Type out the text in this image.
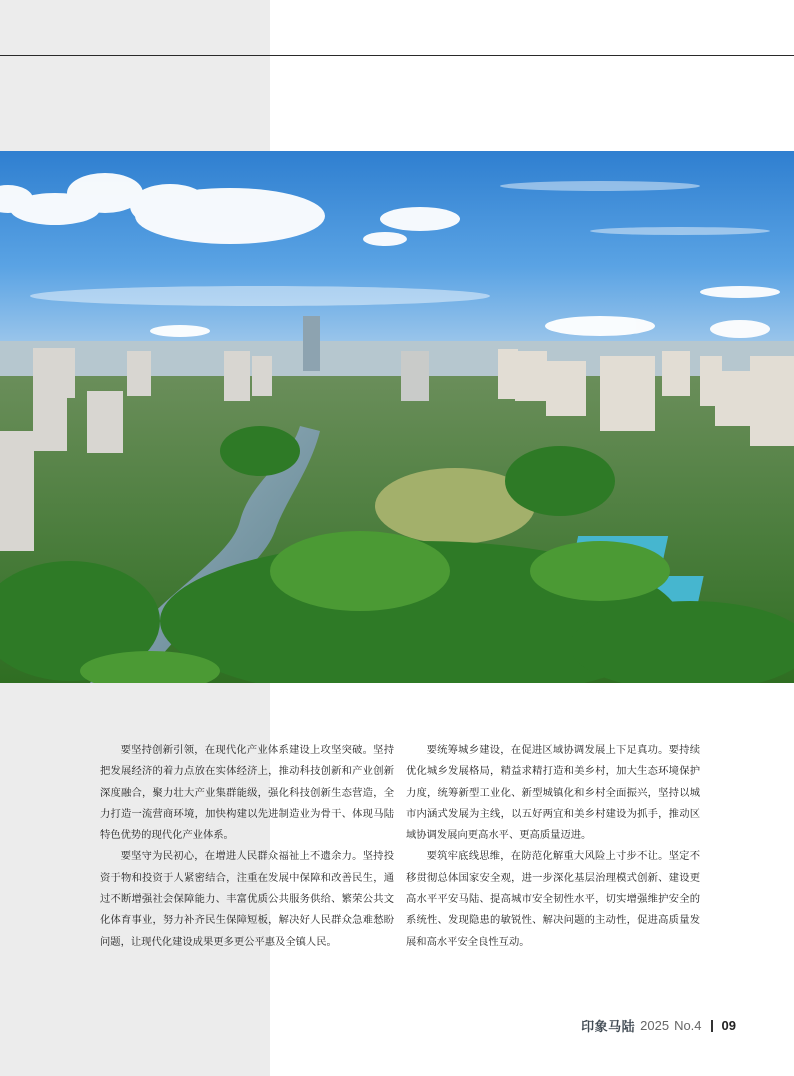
要坚持创新引领，在现代化产业体系建设上攻坚突破。坚持把发展经济的着力点放在实体经济上，推动科技创新和产业创新深度融合，聚力壮大产业集群能级，强化科技创新生态营造，全力打造一流营商环境，加快构建以先进制造业为骨干、体现马陆特色优势的现代化产业体系。

要坚守为民初心，在增进人民群众福祉上不遗余力。坚持投资于物和投资于人紧密结合，注重在发展中保障和改善民生，通过不断增强社会保障能力、丰富优质公共服务供给、繁荣公共文化体育事业，努力补齐民生保障短板，解决好人民群众急难愁盼问题，让现代化建设成果更多更公平惠及全镇人民。

要统筹城乡建设，在促进区域协调发展上下足真功。要持续优化城乡发展格局，精益求精打造和美乡村，加大生态环境保护力度，统筹新型工业化、新型城镇化和乡村全面振兴，坚持以城市内涵式发展为主线，以五好两宜和美乡村建设为抓手，推动区域协调发展向更高水平、更高质量迈进。

要筑牢底线思维，在防范化解重大风险上寸步不让。坚定不移贯彻总体国家安全观，进一步深化基层治理模式创新、建设更高水平平安马陆、提高城市安全韧性水平，切实增强维护安全的系统性、发现隐患的敏锐性、解决问题的主动性，促进高质量发展和高水平安全良性互动。

印象马陆 2025 No.4 09
